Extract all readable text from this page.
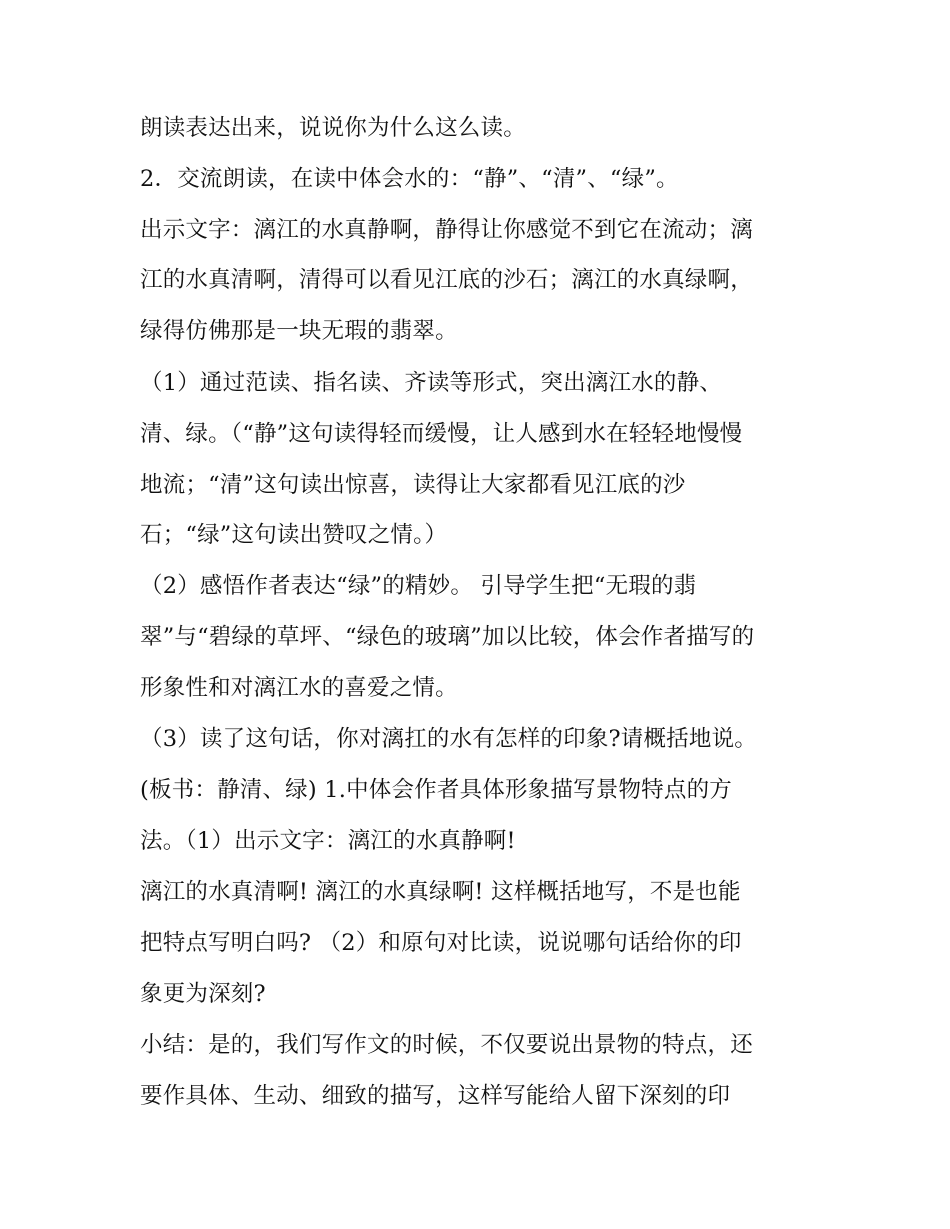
朗读表达出来，说说你为什么这么读。
2．交流朗读，在读中体会水的：“静”、“清”、“绿”。
出示文字：漓江的水真静啊，静得让你感觉不到它在流动；漓
江的水真清啊，清得可以看见江底的沙石；漓江的水真绿啊，
绿得仿佛那是一块无瑕的翡翠。
（1）通过范读、指名读、齐读等形式，突出漓江水的静、
清、绿。（“静”这句读得轻而缓慢，让人感到水在轻轻地慢慢
地流；“清”这句读出惊喜，读得让大家都看见江底的沙
石；“绿”这句读出赞叹之情。）
（2）感悟作者表达“绿”的精妙。 引导学生把“无瑕的翡
翠”与“碧绿的草坪、“绿色的玻璃”加以比较，体会作者描写的
形象性和对漓江水的喜爱之情。
（3）读了这句话，你对漓扛的水有怎样的印象?请概括地说。
(板书：静清、绿) 1.中体会作者具体形象描写景物特点的方
法。（1）出示文字：漓江的水真静啊!
漓江的水真清啊! 漓江的水真绿啊! 这样概括地写，不是也能
把特点写明白吗? （2）和原句对比读，说说哪句话给你的印
象更为深刻?
小结：是的，我们写作文的时候，不仅要说出景物的特点，还
要作具体、生动、细致的描写，这样写能给人留下深刻的印
